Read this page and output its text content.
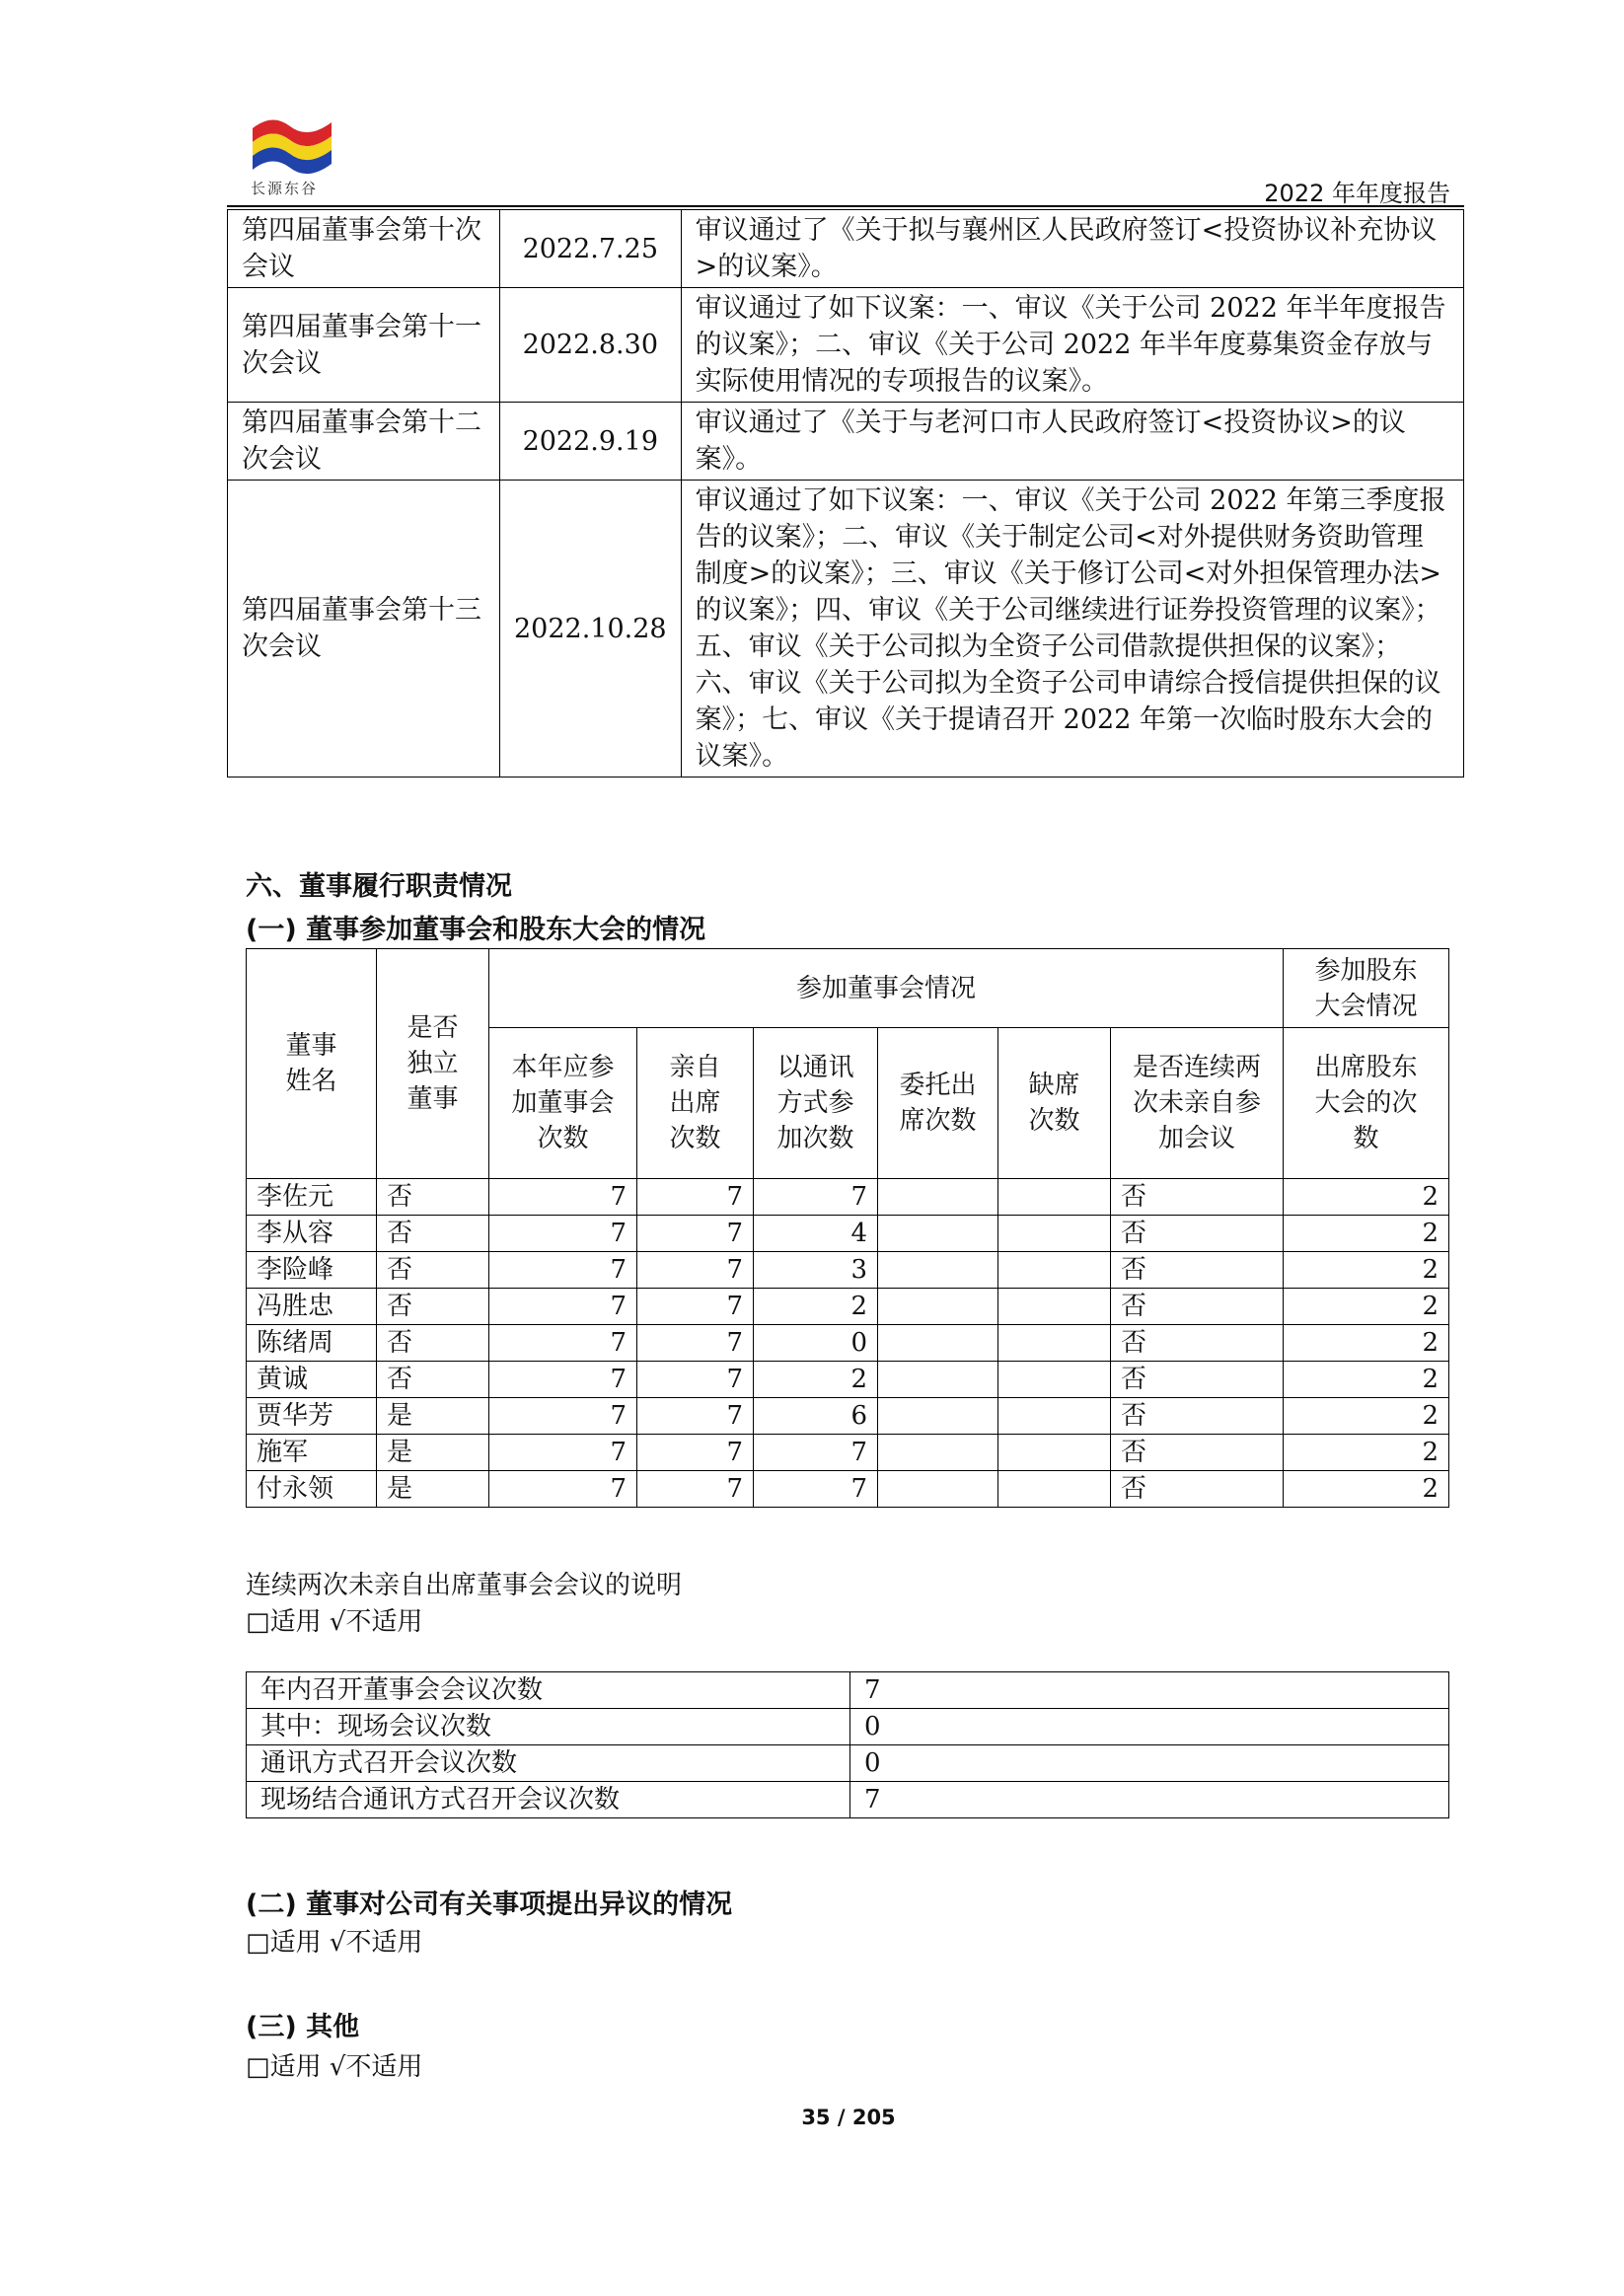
长源东谷	2022 年年度报告
第四届董事会第十次会议	2022.7.25	审议通过了《关于拟与襄州区人民政府签订<投资协议补充协议>的议案》。
第四届董事会第十一次会议	2022.8.30	审议通过了如下议案：一、审议《关于公司 2022 年半年度报告的议案》；二、审议《关于公司 2022 年半年度募集资金存放与实际使用情况的专项报告的议案》。
第四届董事会第十二次会议	2022.9.19	审议通过了《关于与老河口市人民政府签订<投资协议>的议案》。
第四届董事会第十三次会议	2022.10.28	审议通过了如下议案：一、审议《关于公司 2022 年第三季度报告的议案》；二、审议《关于制定公司<对外提供财务资助管理制度>的议案》；三、审议《关于修订公司<对外担保管理办法>的议案》；四、审议《关于公司继续进行证券投资管理的议案》；五、审议《关于公司拟为全资子公司借款提供担保的议案》；六、审议《关于公司拟为全资子公司申请综合授信提供担保的议案》；七、审议《关于提请召开 2022 年第一次临时股东大会的议案》。
六、董事履行职责情况
(一) 董事参加董事会和股东大会的情况
董事姓名	是否独立董事	参加董事会情况						参加股东大会情况
		本年应参加董事会次数	亲自出席次数	以通讯方式参加次数	委托出席次数	缺席次数	是否连续两次未亲自参加会议	出席股东大会的次数
李佐元	否	7	7	7			否	2
李从容	否	7	7	4			否	2
李险峰	否	7	7	3			否	2
冯胜忠	否	7	7	2			否	2
陈绪周	否	7	7	0			否	2
黄诚	否	7	7	2			否	2
贾华芳	是	7	7	6			否	2
施军	是	7	7	7			否	2
付永领	是	7	7	7			否	2
连续两次未亲自出席董事会会议的说明
□适用 √不适用
年内召开董事会会议次数	7
其中：现场会议次数	0
通讯方式召开会议次数	0
现场结合通讯方式召开会议次数	7
(二) 董事对公司有关事项提出异议的情况
□适用 √不适用
(三) 其他
□适用 √不适用
35 / 205
